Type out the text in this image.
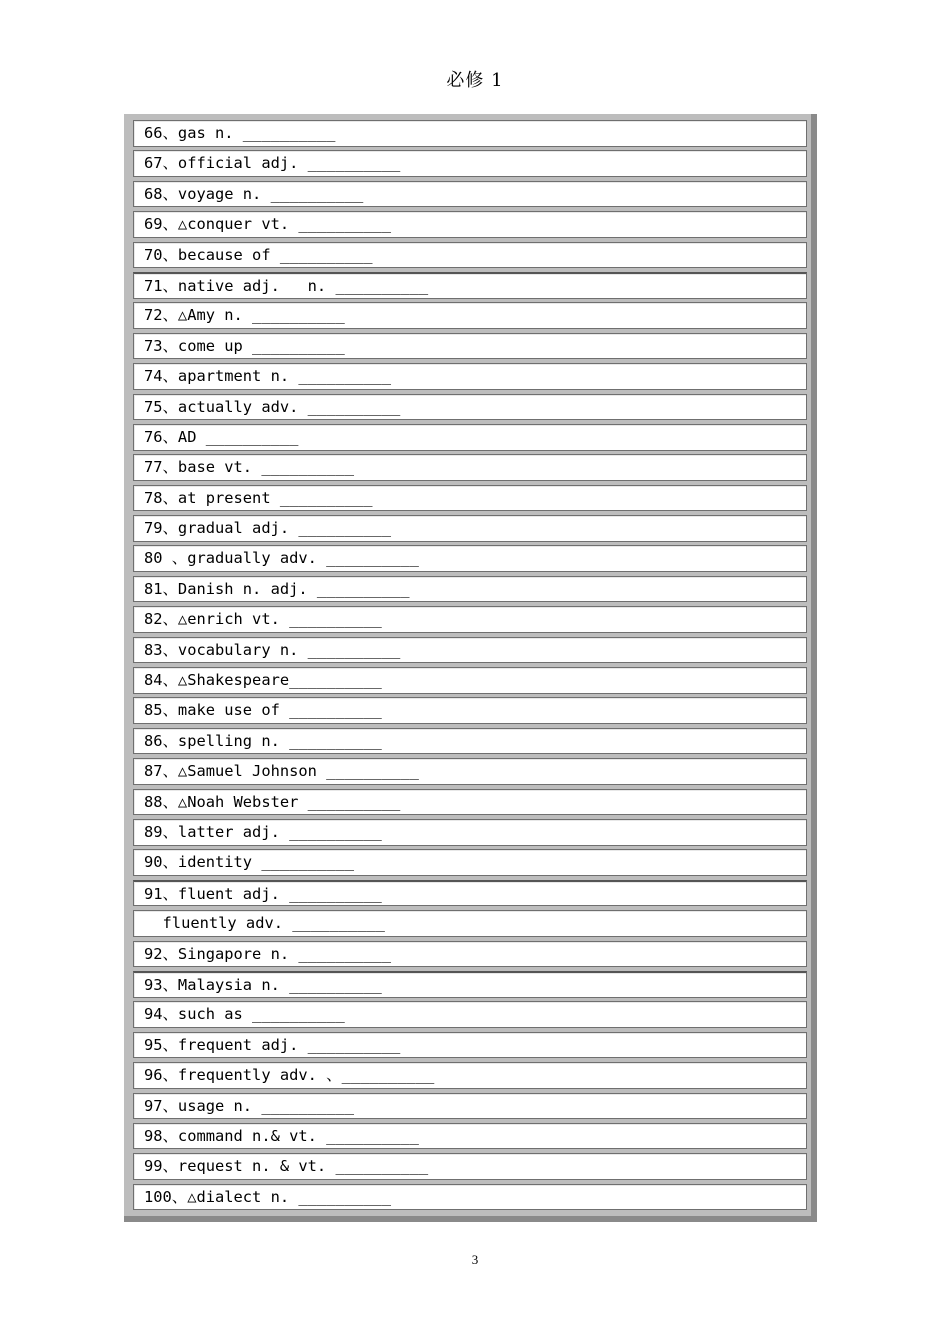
必修 1
66、gas n. __________
67、official adj. __________
68、voyage n. __________
69、△conquer vt. __________
70、because of __________
71、native adj.   n. __________
72、△Amy n. __________
73、come up __________
74、apartment n. __________
75、actually adv. __________
76、AD __________
77、base vt. __________
78、at present __________
79、gradual adj. __________
80 、gradually adv. __________
81、Danish n. adj. __________
82、△enrich vt. __________
83、vocabulary n. __________
84、△Shakespeare__________
85、make use of __________
86、spelling n. __________
87、△Samuel Johnson __________
88、△Noah Webster __________
89、latter adj. __________
90、identity __________
91、fluent adj. __________
fluently adv. __________
92、Singapore n. __________
93、Malaysia n. __________
94、such as __________
95、frequent adj. __________
96、frequently adv. 、__________
97、usage n. __________
98、command n.& vt. __________
99、request n. & vt. __________
100、△dialect n. __________
3
